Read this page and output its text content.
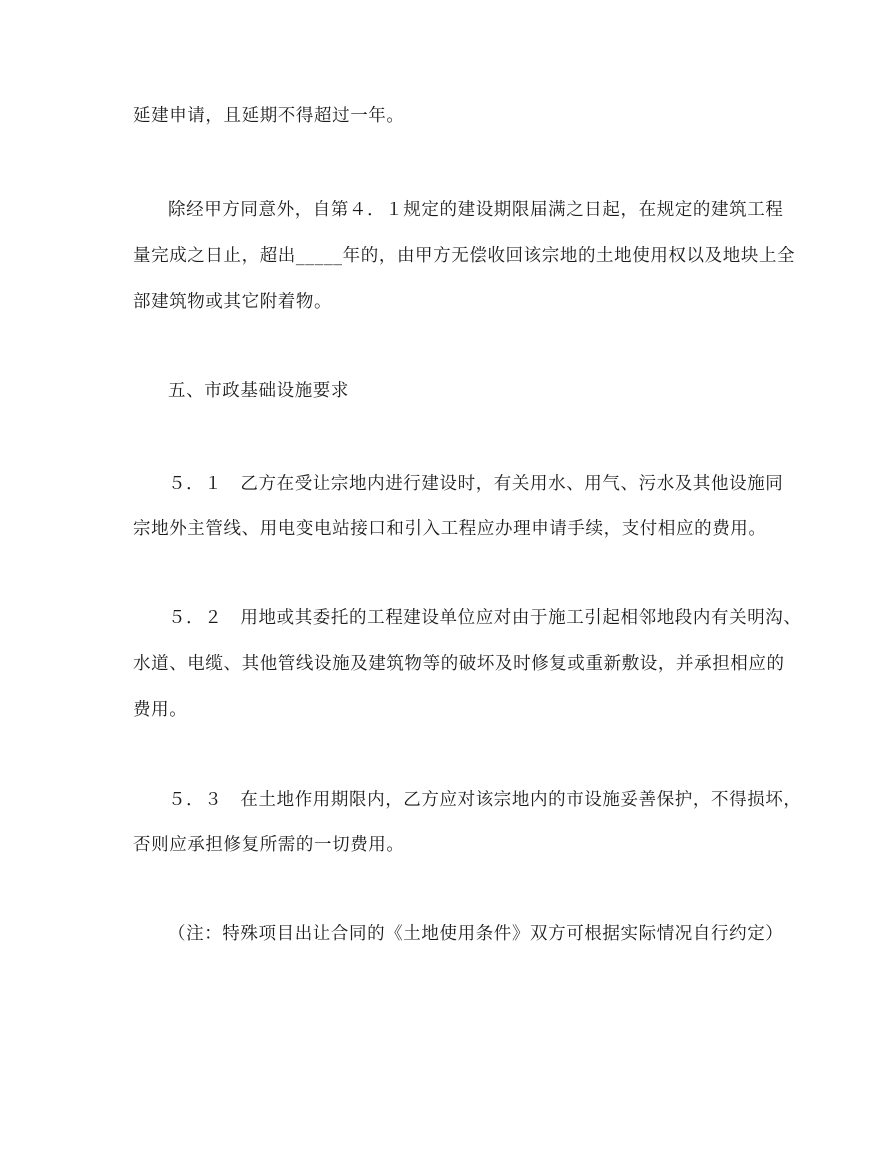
延建申请，且延期不得超过一年。
除经甲方同意外，自第４．１规定的建设期限届满之日起，在规定的建筑工程
量完成之日止，超出_____年的，由甲方无偿收回该宗地的土地使用权以及地块上全
部建筑物或其它附着物。
五、市政基础设施要求
５．１　乙方在受让宗地内进行建设时，有关用水、用气、污水及其他设施同
宗地外主管线、用电变电站接口和引入工程应办理申请手续，支付相应的费用。
５．２　用地或其委托的工程建设单位应对由于施工引起相邻地段内有关明沟、
水道、电缆、其他管线设施及建筑物等的破坏及时修复或重新敷设，并承担相应的
费用。
５．３　在土地作用期限内，乙方应对该宗地内的市设施妥善保护，不得损坏，
否则应承担修复所需的一切费用。
（注：特殊项目出让合同的《土地使用条件》双方可根据实际情况自行约定）
